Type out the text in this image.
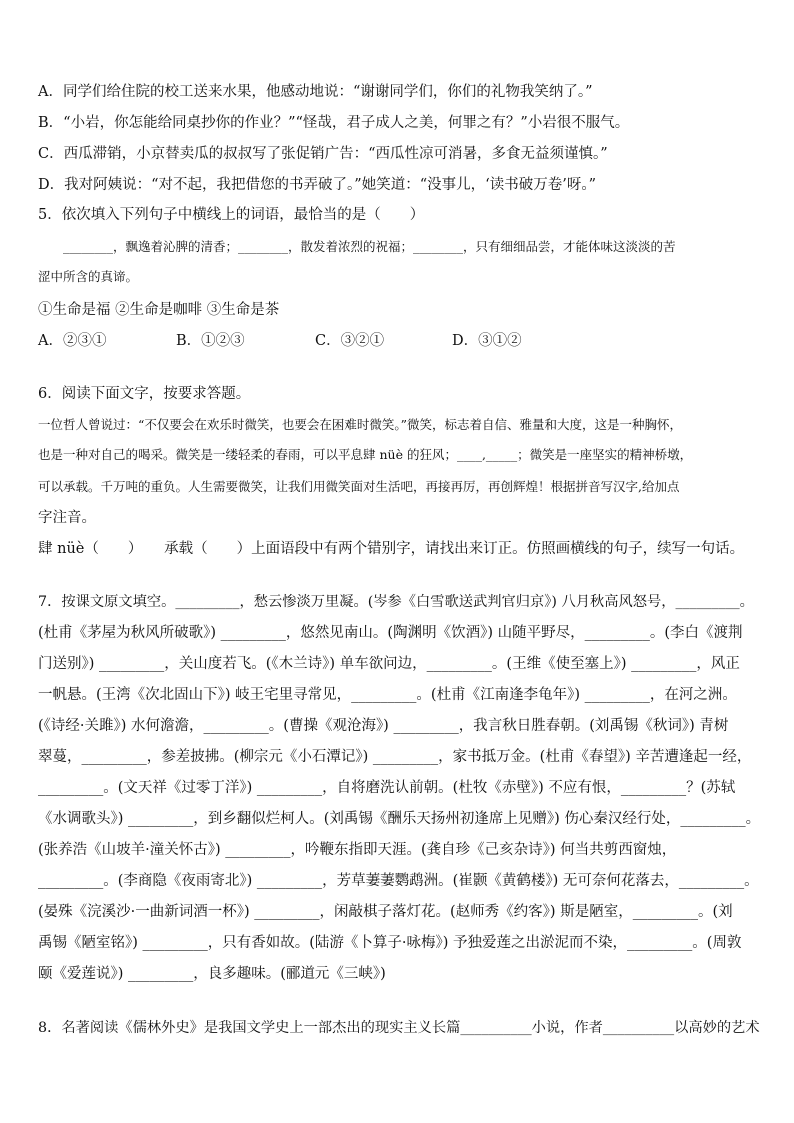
A．同学们给住院的校工送来水果，他感动地说：“谢谢同学们，你们的礼物我笑纳了。”
B．“小岩，你怎能给同桌抄你的作业？”“怪哉，君子成人之美，何罪之有？”小岩很不服气。
C．西瓜滞销，小京替卖瓜的叔叔写了张促销广告：“西瓜性凉可消暑，多食无益须谨慎。”
D．我对阿姨说：“对不起，我把借您的书弄破了。”她笑道：“没事儿，‘读书破万卷’呀。”
5．依次填入下列句子中横线上的词语，最恰当的是（　　）
　　________，飘逸着沁脾的清香；________，散发着浓烈的祝福；________，只有细细品尝，才能体味这淡淡的苦
涩中所含的真谛。
①生命是福 ②生命是咖啡 ③生命是茶
A．②③①	B．①②③	C．③②①	D．③①②
6．阅读下面文字，按要求答题。
一位哲人曾说过：“不仅要会在欢乐时微笑，也要会在困难时微笑。”微笑，标志着自信、雅量和大度，这是一种胸怀，
也是一种对自己的喝采。微笑是一缕轻柔的春雨，可以平息肆 nüè 的狂风；____,_____；微笑是一座坚实的精神桥墩，
可以承载。千万吨的重负。人生需要微笑，让我们用微笑面对生活吧，再接再厉，再创辉煌！根据拼音写汉字,给加点
字注音。
肆 nüè（　　）　　承载（　　）上面语段中有两个错别字，请找出来订正。仿照画横线的句子，续写一句话。
7．按课文原文填空。_________，愁云惨淡万里凝。(岑参《白雪歌送武判官归京》) 八月秋高风怒号，_________。
(杜甫《茅屋为秋风所破歌》) _________，悠然见南山。(陶渊明《饮酒》) 山随平野尽，_________。(李白《渡荆
门送别》) _________，关山度若飞。(《木兰诗》) 单车欲问边，_________。(王维《使至塞上》) _________，风正
一帆悬。(王湾《次北固山下》) 岐王宅里寻常见，_________。(杜甫《江南逢李龟年》) _________，在河之洲。
(《诗经·关雎》) 水何澹澹，_________。(曹操《观沧海》) _________，我言秋日胜春朝。(刘禹锡《秋词》) 青树
翠蔓，_________，参差披拂。(柳宗元《小石潭记》) _________，家书抵万金。(杜甫《春望》) 辛苦遭逢起一经，
_________。(文天祥《过零丁洋》) _________，自将磨洗认前朝。(杜牧《赤壁》) 不应有恨，_________？(苏轼
《水调歌头》) _________，到乡翻似烂柯人。(刘禹锡《酬乐天扬州初逢席上见赠》) 伤心秦汉经行处，_________。
(张养浩《山坡羊·潼关怀古》) _________，吟鞭东指即天涯。(龚自珍《己亥杂诗》) 何当共剪西窗烛，
_________。(李商隐《夜雨寄北》) _________，芳草萋萋鹦鹉洲。(崔颢《黄鹤楼》) 无可奈何花落去，_________。
(晏殊《浣溪沙·一曲新词酒一杯》) _________，闲敲棋子落灯花。(赵师秀《约客》) 斯是陋室，_________。(刘
禹锡《陋室铭》) _________，只有香如故。(陆游《卜算子·咏梅》) 予独爱莲之出淤泥而不染，_________。(周敦
颐《爱莲说》) _________，良多趣味。(郦道元《三峡》)
8．名著阅读《儒林外史》是我国文学史上一部杰出的现实主义长篇__________小说，作者__________以高妙的艺术
